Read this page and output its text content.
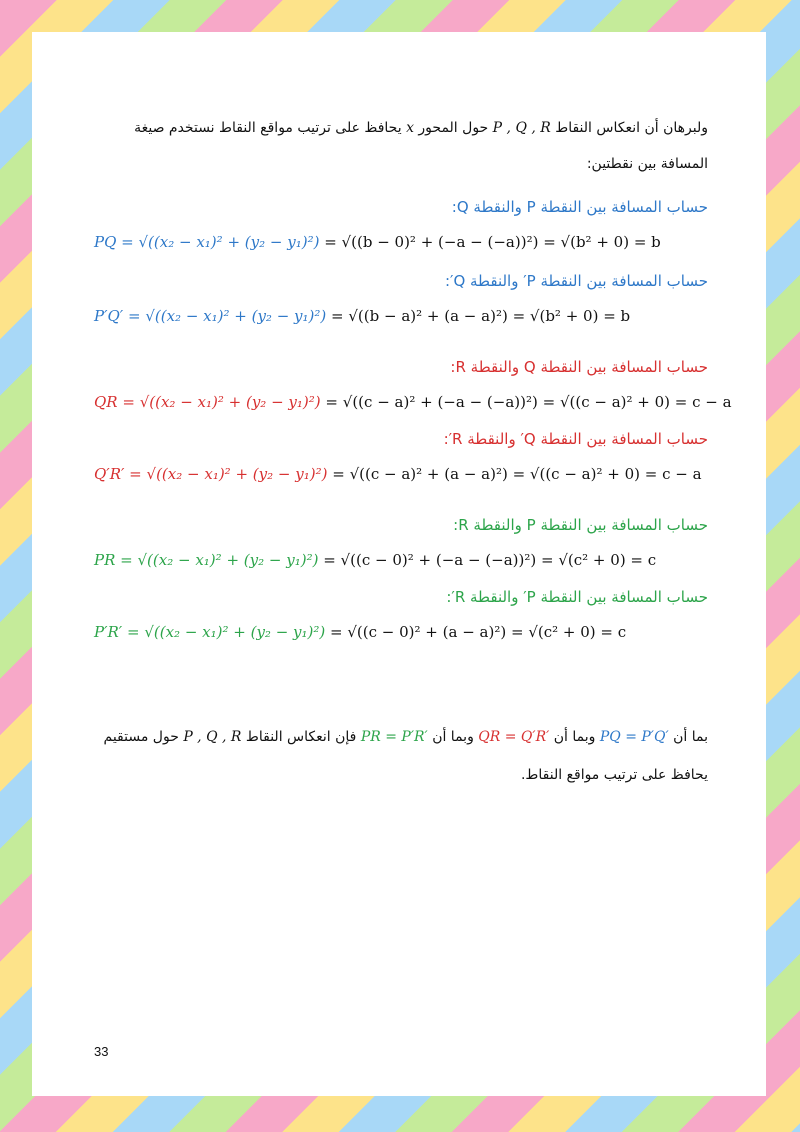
ولبرهان أن انعكاس النقاط P , Q , R حول المحور x يحافظ على ترتيب مواقع النقاط نستخدم صيغة المسافة بين نقطتين:
حساب المسافة بين النقطة P والنقطة Q:
PQ = √((x₂ − x₁)² + (y₂ − y₁)²) = √((b − 0)² + (−a − (−a))²) = √(b² + 0) = b
حساب المسافة بين النقطة P′ والنقطة Q′:
P′Q′ = √((x₂ − x₁)² + (y₂ − y₁)²) = √((b − a)² + (a − a)²) = √(b² + 0) = b
حساب المسافة بين النقطة Q والنقطة R:
QR = √((x₂ − x₁)² + (y₂ − y₁)²) = √((c − a)² + (−a − (−a))²) = √((c − a)² + 0) = c − a
حساب المسافة بين النقطة Q′ والنقطة R′:
Q′R′ = √((x₂ − x₁)² + (y₂ − y₁)²) = √((c − a)² + (a − a)²) = √((c − a)² + 0) = c − a
حساب المسافة بين النقطة P والنقطة R:
PR = √((x₂ − x₁)² + (y₂ − y₁)²) = √((c − 0)² + (−a − (−a))²) = √(c² + 0) = c
حساب المسافة بين النقطة P′ والنقطة R′:
P′R′ = √((x₂ − x₁)² + (y₂ − y₁)²) = √((c − 0)² + (a − a)²) = √(c² + 0) = c
بما أن PQ = P′Q′ وبما أن QR = Q′R′ وبما أن PR = P′R′ فإن انعكاس النقاط P , Q , R حول مستقيم يحافظ على ترتيب مواقع النقاط.
33
